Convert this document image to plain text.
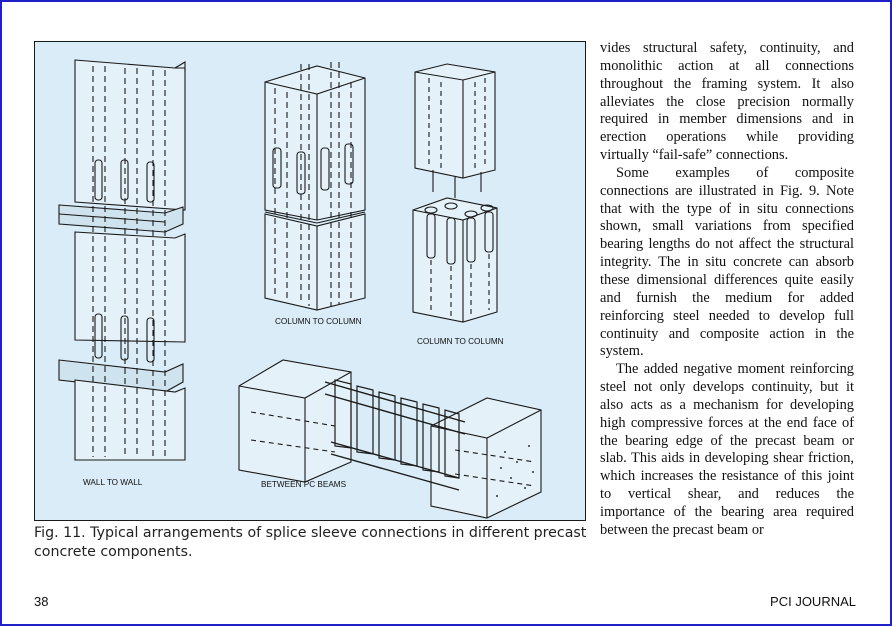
WALL TO WALL
COLUMN TO COLUMN
COLUMN TO COLUMN
BETWEEN PC BEAMS
Fig. 11. Typical arrangements of splice sleeve connections in different precast concrete components.

vides structural safety, continuity, and monolithic action at all connections throughout the framing system. It also alleviates the close precision normally required in member dimensions and in erection operations while providing virtually “fail-safe” connections.

Some examples of composite connections are illustrated in Fig. 9. Note that with the type of in situ connections shown, small variations from specified bearing lengths do not affect the structural integrity. The in situ concrete can absorb these dimensional differences quite easily and furnish the medium for added reinforcing steel needed to develop full continuity and composite action in the system.

The added negative moment reinforcing steel not only develops continuity, but it also acts as a mechanism for developing high compressive forces at the end face of the bearing edge of the precast beam or slab. This aids in developing shear friction, which increases the resistance of this joint to vertical shear, and reduces the importance of the bearing area required between the precast beam or

38	PCI JOURNAL
